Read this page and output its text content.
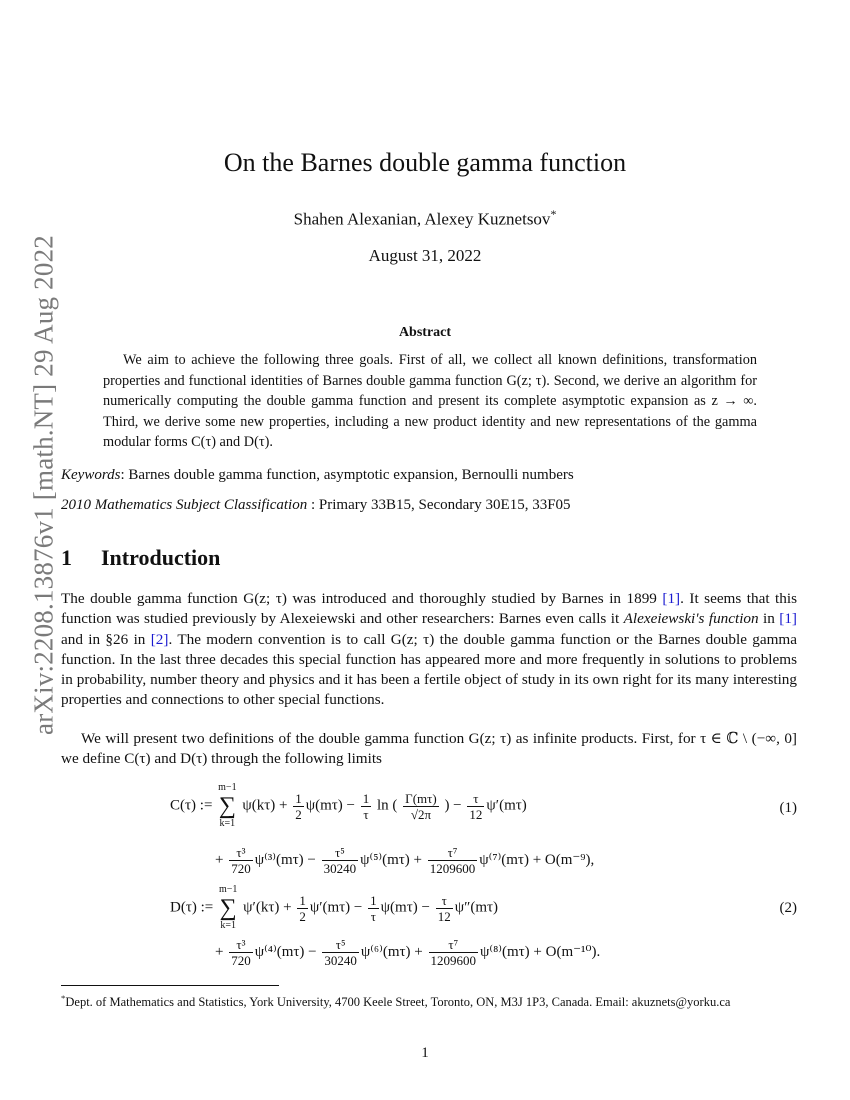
arXiv:2208.13876v1 [math.NT] 29 Aug 2022
On the Barnes double gamma function
Shahen Alexanian, Alexey Kuznetsov*
August 31, 2022
Abstract
We aim to achieve the following three goals. First of all, we collect all known definitions, transformation properties and functional identities of Barnes double gamma function G(z; τ). Second, we derive an algorithm for numerically computing the double gamma function and present its complete asymptotic expansion as z → ∞. Third, we derive some new properties, including a new product identity and new representations of the gamma modular forms C(τ) and D(τ).
Keywords: Barnes double gamma function, asymptotic expansion, Bernoulli numbers
2010 Mathematics Subject Classification : Primary 33B15, Secondary 30E15, 33F05
1 Introduction
The double gamma function G(z; τ) was introduced and thoroughly studied by Barnes in 1899 [1]. It seems that this function was studied previously by Alexeiewski and other researchers: Barnes even calls it Alexeiewski's function in [1] and in §26 in [2]. The modern convention is to call G(z; τ) the double gamma function or the Barnes double gamma function. In the last three decades this special function has appeared more and more frequently in solutions to problems in probability, number theory and physics and it has been a fertile object of study in its own right for its many interesting properties and connections to other special functions.
We will present two definitions of the double gamma function G(z; τ) as infinite products. First, for τ ∈ ℂ \ (−∞, 0] we define C(τ) and D(τ) through the following limits
C(τ) :=
m−1
∑
k=1
$\psi(k\tau) + \frac{1}{2} \psi(m\tau) - \frac{1}{\tau}$ ln ( $\frac{\Gamma(m\tau)}{√2\pi}$ ) − $\frac{\tau}{12} \psi'(m\tau)$	(1)
+ $\frac{\text{τ³}}{720} \psi^{(3)}(m\tau) - \frac{\text{τ⁵}}{30240} \psi^{(5)}(m\tau) + \frac{\text{τ⁷}}{1209600} \psi^{(7)}(m\tau) + O(m^{-9})$,
D(τ) :=
m−1
∑
k=1
$\psi'(k\tau) + \frac{1}{2} \psi'(m\tau) - \frac{1}{\tau} \psi(m\tau) - \frac{\tau}{12} \psi''(m\tau)$	(2)
+ $\frac{\text{τ³}}{720} \psi^{(4)}(m\tau) - \frac{\text{τ⁵}}{30240} \psi^{(6)}(m\tau) + \frac{\text{τ⁷}}{1209600} \psi^{(8)}(m\tau) + O(m^{-10})$.
*Dept. of Mathematics and Statistics, York University, 4700 Keele Street, Toronto, ON, M3J 1P3, Canada. Email: akuznets@yorku.ca
1
